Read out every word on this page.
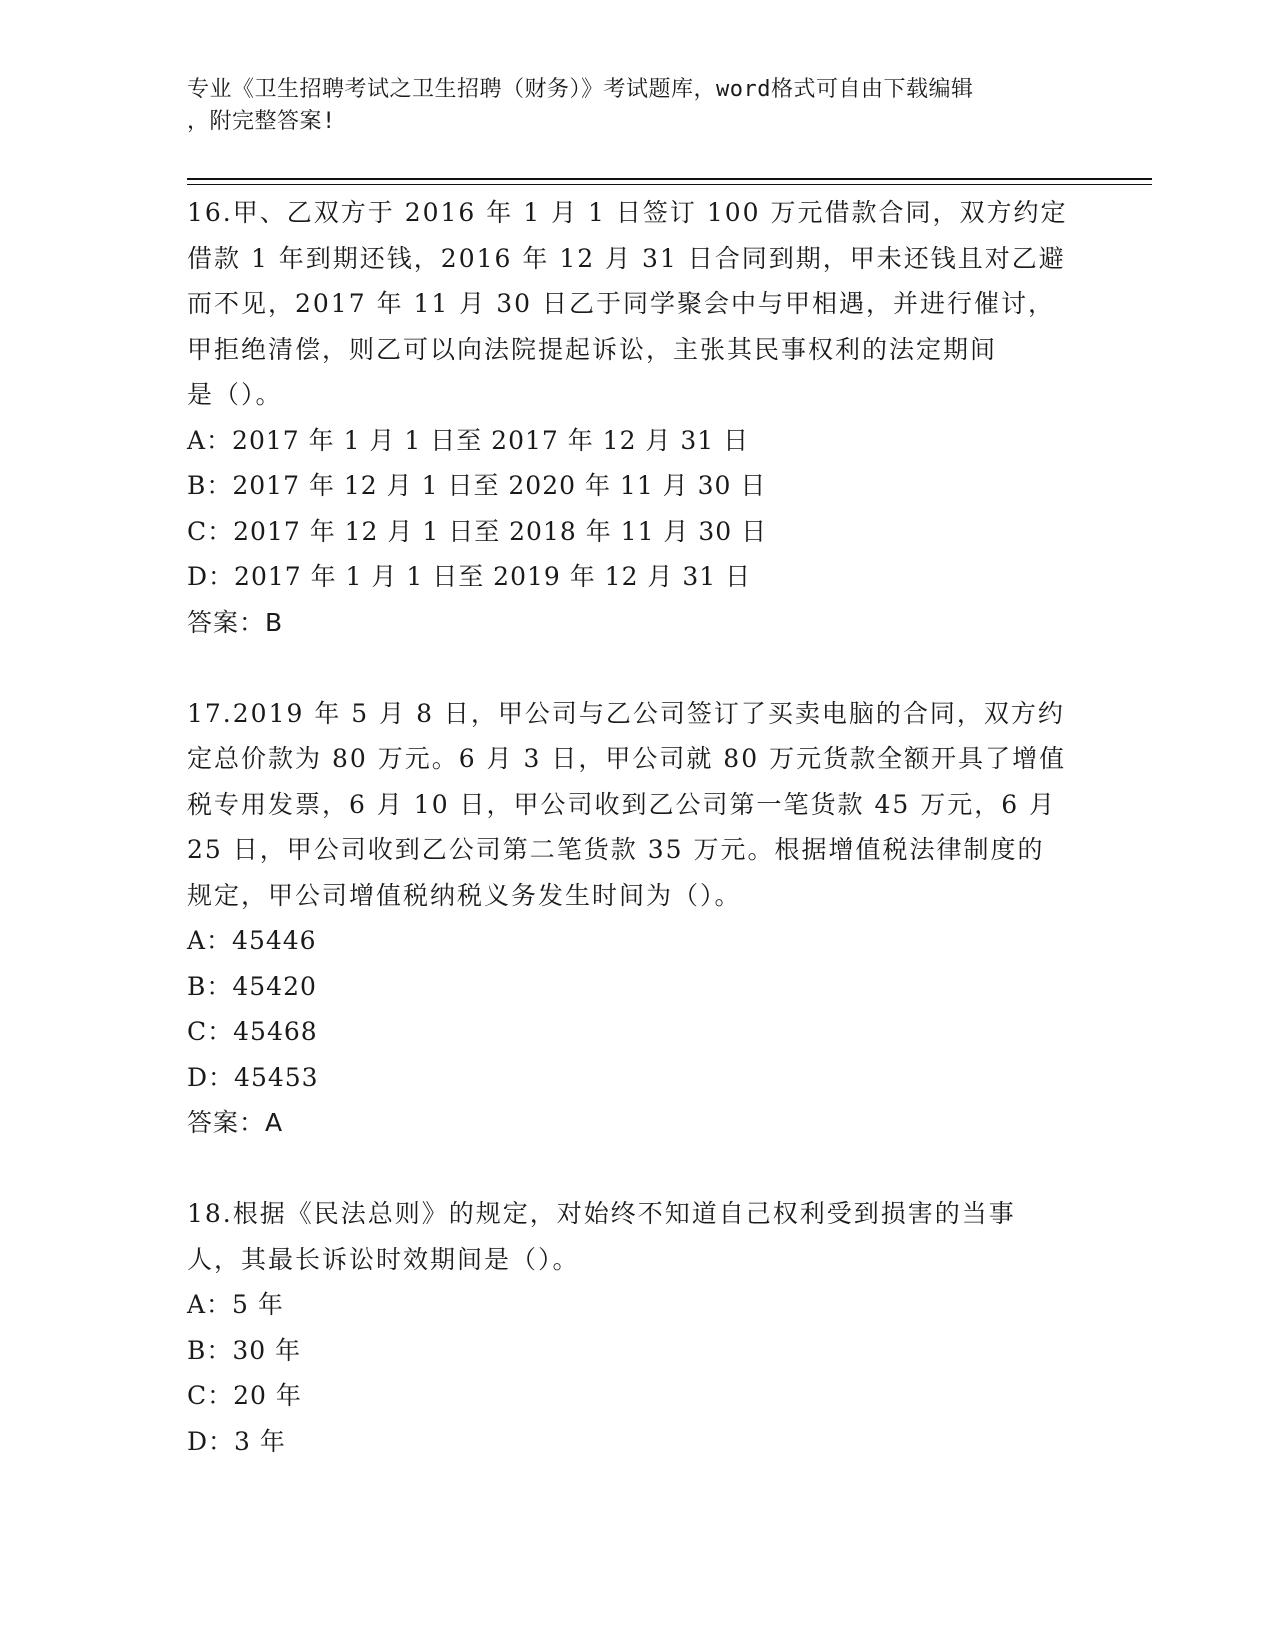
专业《卫生招聘考试之卫生招聘（财务）》考试题库，word格式可自由下载编辑
，附完整答案!

16.甲、乙双方于 2016 年 1 月 1 日签订 100 万元借款合同，双方约定

借款 1 年到期还钱，2016 年 12 月 31 日合同到期，甲未还钱且对乙避

而不见，2017 年 11 月 30 日乙于同学聚会中与甲相遇，并进行催讨，

甲拒绝清偿，则乙可以向法院提起诉讼，主张其民事权利的法定期间

是（）。

A：2017 年 1 月 1 日至 2017 年 12 月 31 日

B：2017 年 12 月 1 日至 2020 年 11 月 30 日

C：2017 年 12 月 1 日至 2018 年 11 月 30 日

D：2017 年 1 月 1 日至 2019 年 12 月 31 日

答案：B

17.2019 年 5 月 8 日，甲公司与乙公司签订了买卖电脑的合同，双方约

定总价款为 80 万元。6 月 3 日，甲公司就 80 万元货款全额开具了增值

税专用发票，6 月 10 日，甲公司收到乙公司第一笔货款 45 万元，6 月

25 日，甲公司收到乙公司第二笔货款 35 万元。根据增值税法律制度的

规定，甲公司增值税纳税义务发生时间为（）。

A：45446

B：45420

C：45468

D：45453

答案：A

18.根据《民法总则》的规定，对始终不知道自己权利受到损害的当事

人，其最长诉讼时效期间是（）。

A：5 年

B：30 年

C：20 年

D：3 年
